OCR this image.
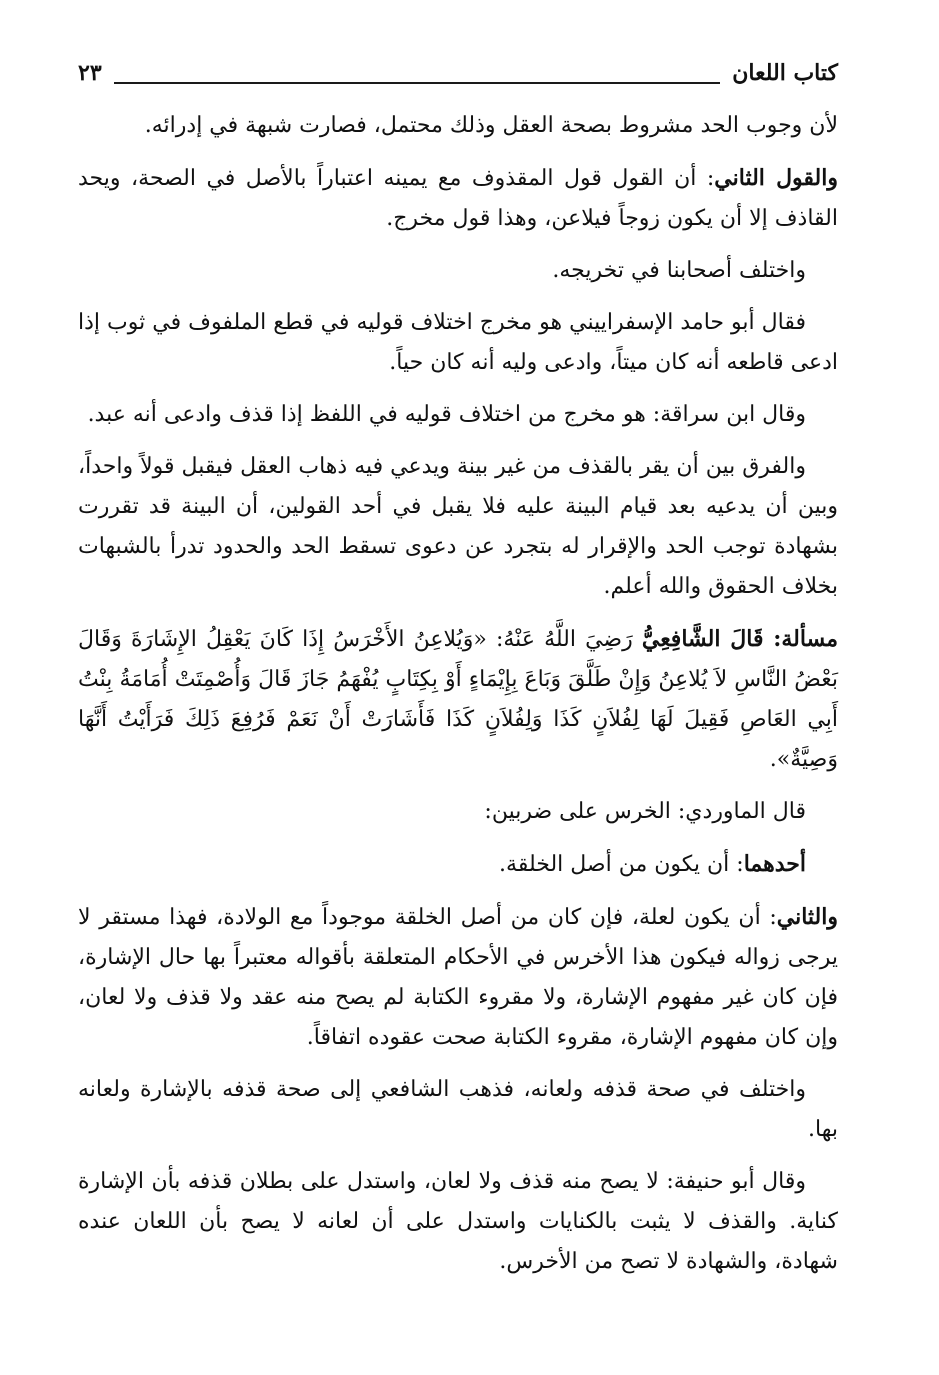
كتاب اللعان
٢٣

لأن وجوب الحد مشروط بصحة العقل وذلك محتمل، فصارت شبهة في إدرائه.

والقول الثاني: أن القول قول المقذوف مع يمينه اعتباراً بالأصل في الصحة، ويحد القاذف إلا أن يكون زوجاً فيلاعن، وهذا قول مخرج.

واختلف أصحابنا في تخريجه.

فقال أبو حامد الإسفراييني هو مخرج اختلاف قوليه في قطع الملفوف في ثوب إذا ادعى قاطعه أنه كان ميتاً، وادعى وليه أنه كان حياً.

وقال ابن سراقة: هو مخرج من اختلاف قوليه في اللفظ إذا قذف وادعى أنه عبد.

والفرق بين أن يقر بالقذف من غير بينة ويدعي فيه ذهاب العقل فيقبل قولاً واحداً، وبين أن يدعيه بعد قيام البينة عليه فلا يقبل في أحد القولين، أن البينة قد تقررت بشهادة توجب الحد والإقرار له بتجرد عن دعوى تسقط الحد والحدود تدرأ بالشبهات بخلاف الحقوق والله أعلم.

مسألة: قَالَ الشَّافِعِيُّ رَضِيَ اللَّهُ عَنْهُ: «وَيُلاعِنُ الأَخْرَسُ إِذَا كَانَ يَعْقِلُ الإِشَارَةَ وَقَالَ بَعْضُ النَّاسِ لاَ يُلاعِنُ وَإِنْ طَلَّقَ وَبَاعَ بِإِيْمَاءٍ أَوْ بِكِتَابٍ يُفْهَمُ جَازَ قَالَ وَأُصْمِتَتْ أُمَامَةُ بِنْتُ أَبِي العَاصِ فَقِيلَ لَهَا لِفُلاَنٍ كَذَا وَلِفُلاَنٍ كَذَا فَأَشَارَتْ أَنْ نَعَمْ فَرُفِعَ ذَلِكَ فَرَأَيْتُ أَنَّهَا وَصِيَّةٌ».

قال الماوردي: الخرس على ضربين:

أحدهما: أن يكون من أصل الخلقة.

والثاني: أن يكون لعلة، فإن كان من أصل الخلقة موجوداً مع الولادة، فهذا مستقر لا يرجى زواله فيكون هذا الأخرس في الأحكام المتعلقة بأقواله معتبراً بها حال الإشارة، فإن كان غير مفهوم الإشارة، ولا مقروء الكتابة لم يصح منه عقد ولا قذف ولا لعان، وإن كان مفهوم الإشارة، مقروء الكتابة صحت عقوده اتفاقاً.

واختلف في صحة قذفه ولعانه، فذهب الشافعي إلى صحة قذفه بالإشارة ولعانه بها.

وقال أبو حنيفة: لا يصح منه قذف ولا لعان، واستدل على بطلان قذفه بأن الإشارة كناية. والقذف لا يثبت بالكنايات واستدل على أن لعانه لا يصح بأن اللعان عنده شهادة، والشهادة لا تصح من الأخرس.
